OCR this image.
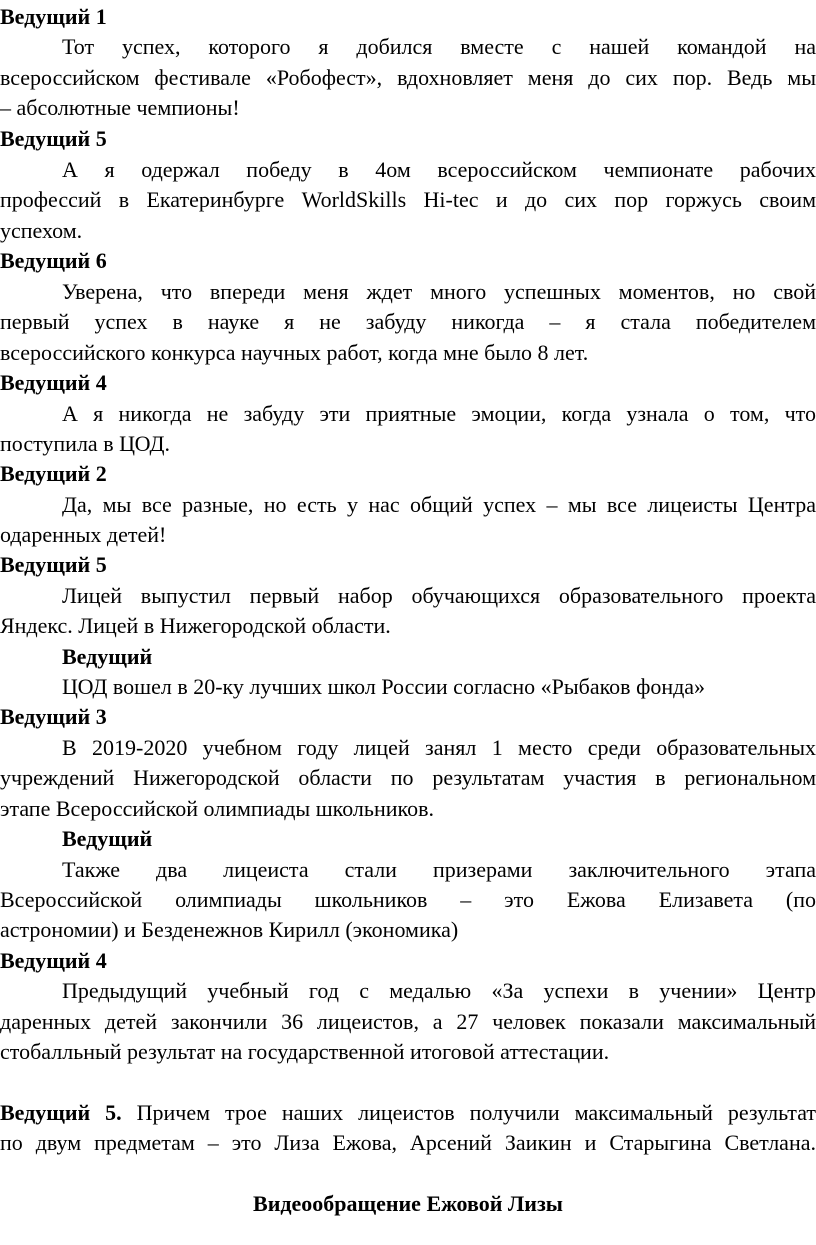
Ведущий 1
Тот успех, которого я добился вместе с нашей командой на
всероссийском фестивале «Робофест», вдохновляет меня до сих пор. Ведь мы
– абсолютные чемпионы!
Ведущий 5
А я одержал победу в 4ом всероссийском чемпионате рабочих
профессий в Екатеринбурге WorldSkills Hi-tec и до сих пор горжусь своим
успехом.
Ведущий 6
Уверена, что впереди меня ждет много успешных моментов, но свой
первый успех в науке я не забуду никогда – я стала победителем
всероссийского конкурса научных работ, когда мне было 8 лет.
Ведущий 4
А я никогда не забуду эти приятные эмоции, когда узнала о том, что
поступила в ЦОД.
Ведущий 2
Да, мы все разные, но есть у нас общий успех – мы все лицеисты Центра
одаренных детей!
Ведущий 5
Лицей выпустил первый набор обучающихся образовательного проекта
Яндекс. Лицей в Нижегородской области.
Ведущий
ЦОД вошел в 20-ку лучших школ России согласно «Рыбаков фонда»
Ведущий 3
В 2019-2020 учебном году лицей занял 1 место среди образовательных
учреждений Нижегородской области по результатам участия в региональном
этапе Всероссийской олимпиады школьников.
Ведущий
Также два лицеиста стали призерами заключительного этапа
Всероссийской олимпиады школьников – это Ежова Елизавета (по
астрономии) и Безденежнов Кирилл (экономика)
Ведущий 4
Предыдущий учебный год с медалью «За успехи в учении» Центр
даренных детей закончили 36 лицеистов, а 27 человек показали максимальный
стобалльный результат на государственной итоговой аттестации.
Ведущий 5. Причем трое наших лицеистов получили максимальный результат
по двум предметам – это Лиза Ежова, Арсений Заикин и Старыгина Светлана.
Видеообращение Ежовой Лизы
